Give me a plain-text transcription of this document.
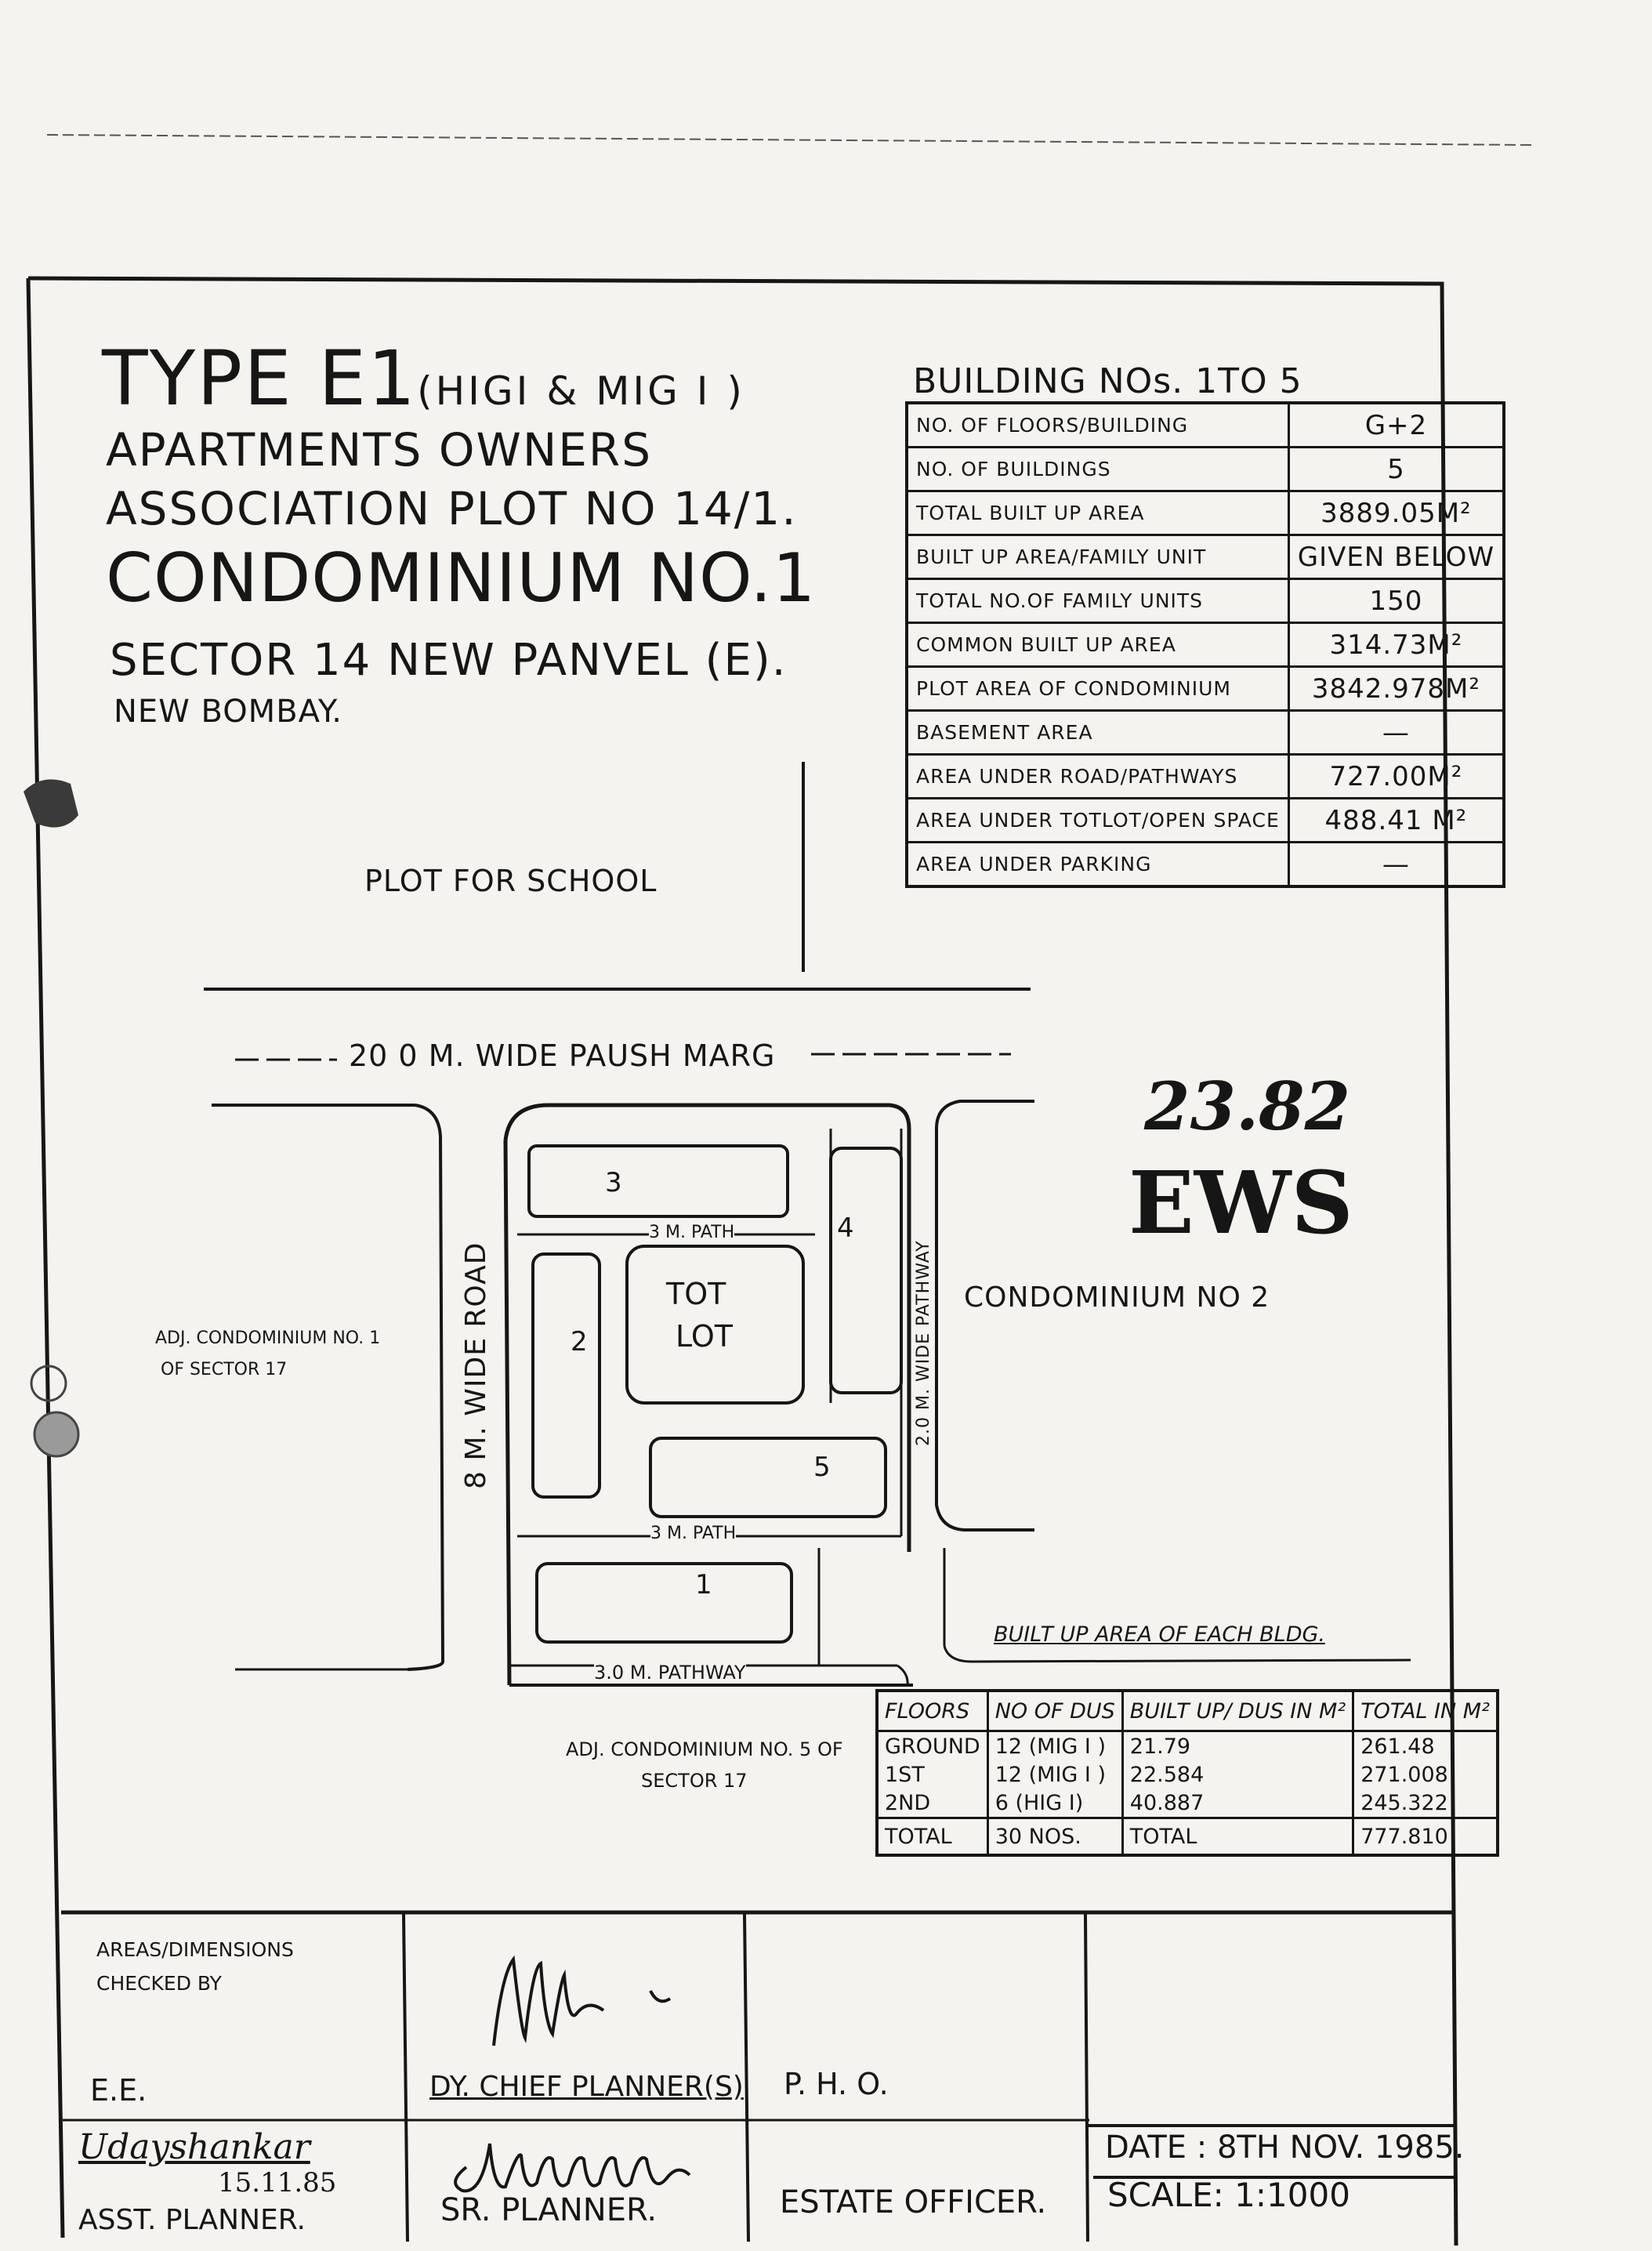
TYPE E1(HIGI & MIG I )
APARTMENTS OWNERS
ASSOCIATION PLOT NO 14/1.
CONDOMINIUM NO.1
SECTOR 14 NEW PANVEL (E).
NEW BOMBAY.
BUILDING NOs. 1TO 5
NO. OF FLOORS/BUILDING	G+2
NO. OF BUILDINGS	5
TOTAL BUILT UP AREA	3889.05M²
BUILT UP AREA/FAMILY UNIT	GIVEN BELOW
TOTAL NO.OF FAMILY UNITS	150
COMMON BUILT UP AREA	314.73M²
PLOT AREA OF CONDOMINIUM	3842.978M²
BASEMENT AREA	—
AREA UNDER ROAD/PATHWAYS	727.00M²
AREA UNDER TOTLOT/OPEN SPACE	488.41 M²
AREA UNDER PARKING	—
PLOT FOR SCHOOL
20 0 M. WIDE PAUSH MARG
8 M. WIDE ROAD	2.0 M. WIDE PATHWAY
3 M. PATH
3 M. PATH
3.0 M. PATHWAY
TOT
LOT
3
4
2
5
1
CONDOMINIUM NO 2
ADJ. CONDOMINIUM NO. 1
OF SECTOR 17
ADJ. CONDOMINIUM NO. 5 OF
SECTOR 17
23.82
EWS
BUILT UP AREA OF EACH BLDG.
FLOORS	NO OF DUS	BUILT UP/ DUS IN M²	TOTAL IN M²
GROUND	12 (MIG I )	21.79	261.48
1ST	12 (MIG I )	22.584	271.008
2ND	6 (HIG I)	40.887	245.322
TOTAL	30 NOS.	TOTAL	777.810
AREAS/DIMENSIONS
CHECKED BY
E.E.	DY. CHIEF PLANNER(S) P. H. O.
Udayshankar
15.11.85
ASST. PLANNER.	SR. PLANNER.	ESTATE OFFICER.
DATE : 8TH NOV. 1985.
SCALE: 1:1000
